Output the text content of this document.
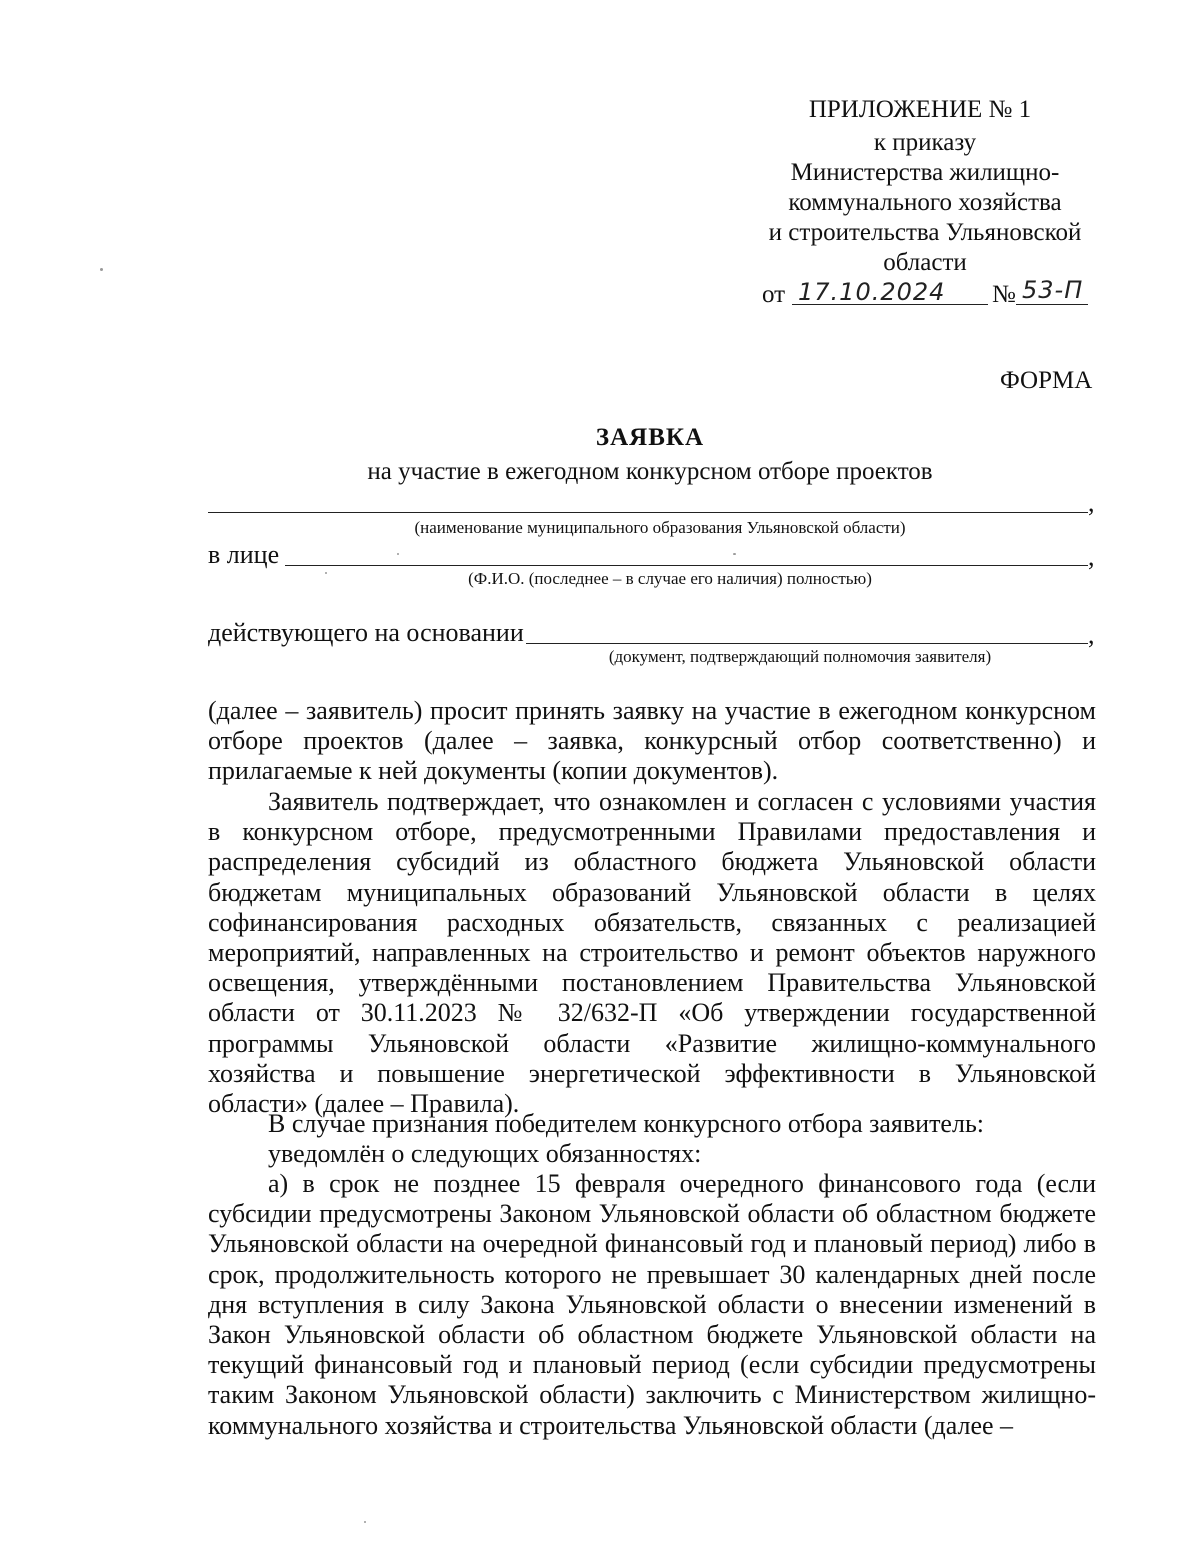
ПРИЛОЖЕНИЕ № 1
к приказу
Министерства жилищно-
коммунального хозяйства
и строительства Ульяновской
области
от 17.10.2024 № 53-П
ФОРМА
ЗАЯВКА
на участие в ежегодном конкурсном отборе проектов
,
(наименование муниципального образования Ульяновской области)
в лице	,
(Ф.И.О. (последнее – в случае его наличия) полностью)
действующего на основании	,
(документ, подтверждающий полномочия заявителя)
(далее – заявитель) просит принять заявку на участие в ежегодном конкурсном отборе проектов (далее – заявка, конкурсный отбор соответственно) и прилагаемые к ней документы (копии документов).
Заявитель подтверждает, что ознакомлен и согласен с условиями участия в конкурсном отборе, предусмотренными Правилами предоставления и распределения субсидий из областного бюджета Ульяновской области бюджетам муниципальных образований Ульяновской области в целях софинансирования расходных обязательств, связанных с реализацией мероприятий, направленных на строительство и ремонт объектов наружного освещения, утверждёнными постановлением Правительства Ульяновской области от 30.11.2023 № 32/632-П «Об утверждении государственной программы Ульяновской области «Развитие жилищно-коммунального хозяйства и повышение энергетической эффективности в Ульяновской области» (далее – Правила).
В случае признания победителем конкурсного отбора заявитель:
уведомлён о следующих обязанностях:
а) в срок не позднее 15 февраля очередного финансового года (если субсидии предусмотрены Законом Ульяновской области об областном бюджете Ульяновской области на очередной финансовый год и плановый период) либо в срок, продолжительность которого не превышает 30 календарных дней после дня вступления в силу Закона Ульяновской области о внесении изменений в Закон Ульяновской области об областном бюджете Ульяновской области на текущий финансовый год и плановый период (если субсидии предусмотрены таким Законом Ульяновской области) заключить с Министерством жилищно-коммунального хозяйства и строительства Ульяновской области (далее –
